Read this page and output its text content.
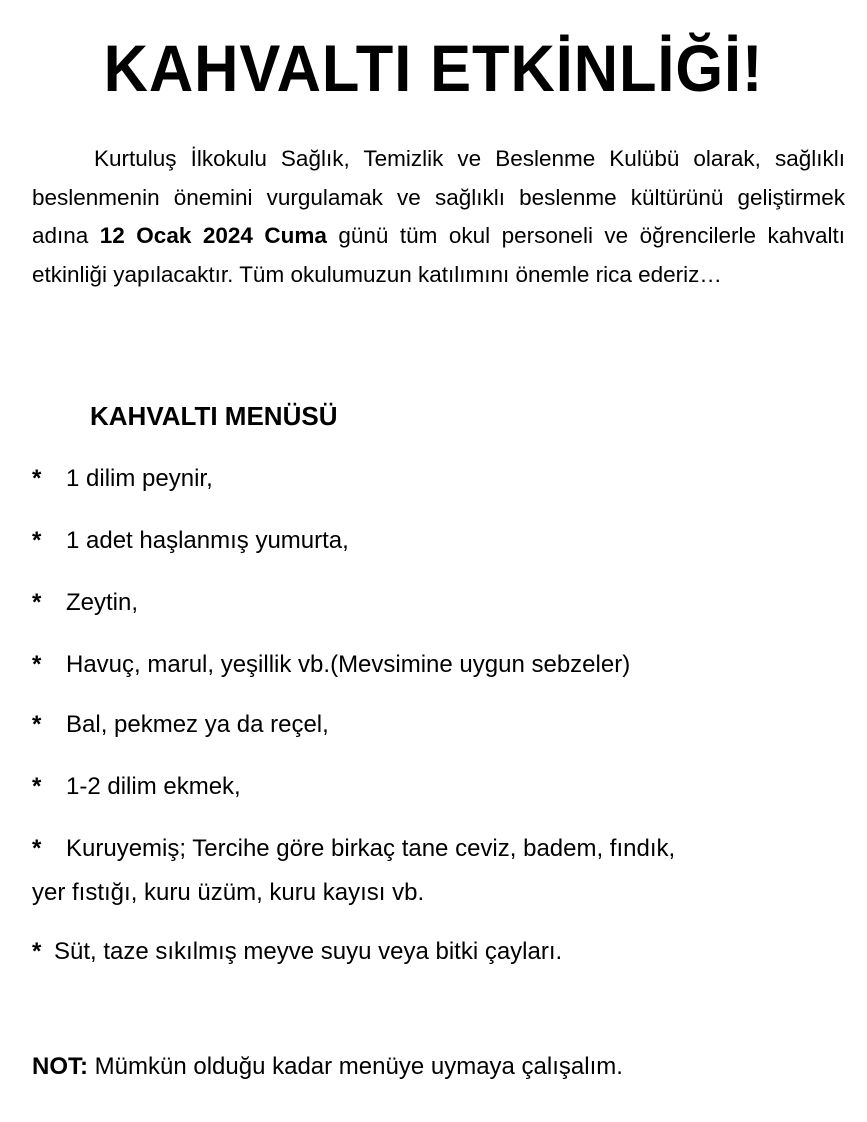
KAHVALTI ETKİNLİĞİ!

Kurtuluş İlkokulu Sağlık, Temizlik ve Beslenme Kulübü olarak, sağlıklı beslenmenin önemini vurgulamak ve sağlıklı beslenme kültürünü geliştirmek adına 12 Ocak 2024 Cuma günü tüm okul personeli ve öğrencilerle kahvaltı etkinliği yapılacaktır. Tüm okulumuzun katılımını önemle rica ederiz…

KAHVALTI MENÜSÜ

* 1 dilim peynir,

* 1 adet haşlanmış yumurta,

* Zeytin,

* Havuç, marul, yeşillik vb.(Mevsimine uygun sebzeler)

* Bal, pekmez ya da reçel,

* 1-2 dilim ekmek,

* Kuruyemiş; Tercihe göre birkaç tane ceviz, badem, fındık,

yer fıstığı, kuru üzüm, kuru kayısı vb.

* Süt, taze sıkılmış meyve suyu veya bitki çayları.

NOT: Mümkün olduğu kadar menüye uymaya çalışalım.
